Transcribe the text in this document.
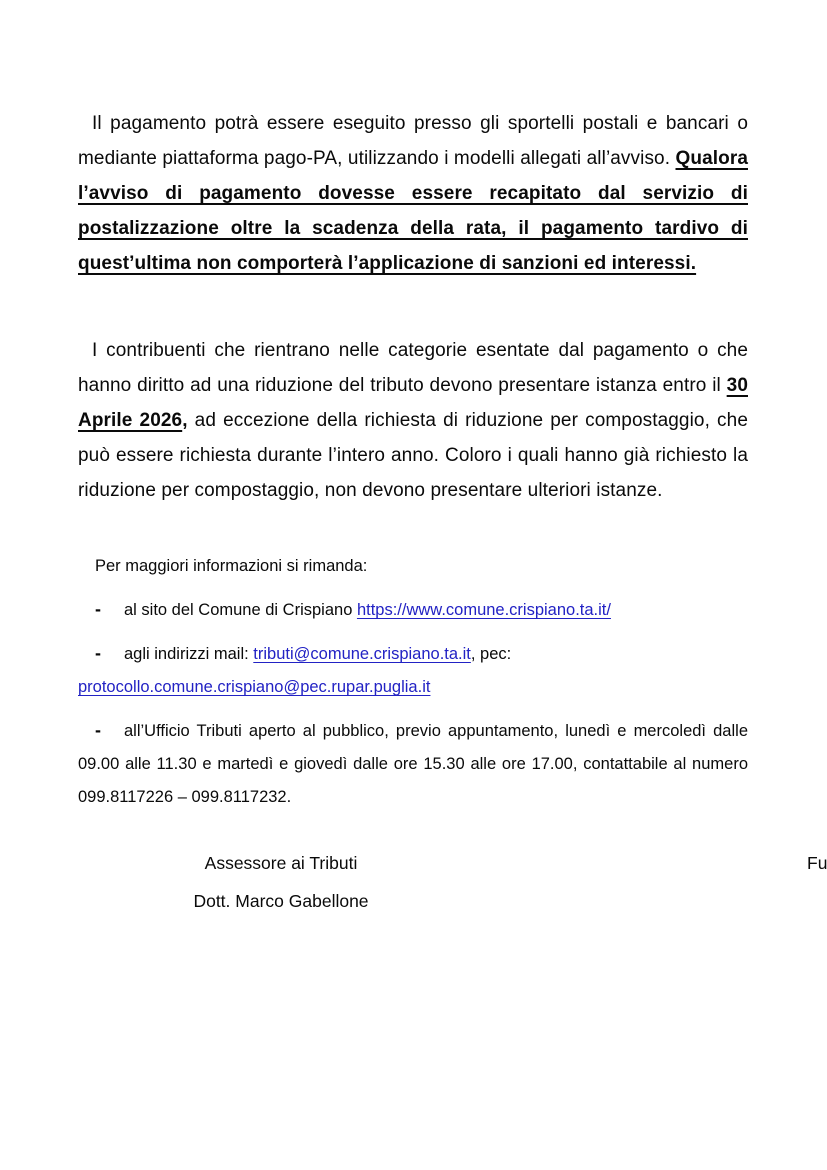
Il pagamento potrà essere eseguito presso gli sportelli postali e bancari o mediante piattaforma pago-PA, utilizzando i modelli allegati all’avviso. Qualora l’avviso di pagamento dovesse essere recapitato dal servizio di postalizzazione oltre la scadenza della rata, il pagamento tardivo di quest’ultima non comporterà l’applicazione di sanzioni ed interessi.

I contribuenti che rientrano nelle categorie esentate dal pagamento o che hanno diritto ad una riduzione del tributo devono presentare istanza entro il 30 Aprile 2026, ad eccezione della richiesta di riduzione per compostaggio, che può essere richiesta durante l’intero anno. Coloro i quali hanno già richiesto la riduzione per compostaggio, non devono presentare ulteriori istanze.

Per maggiori informazioni si rimanda:

- al sito del Comune di Crispiano https://www.comune.crispiano.ta.it/
- agli indirizzi mail: tributi@comune.crispiano.ta.it, pec: protocollo.comune.crispiano@pec.rupar.puglia.it
- all’Ufficio Tributi aperto al pubblico, previo appuntamento, lunedì e mercoledì dalle 09.00 alle 11.30 e martedì e giovedì dalle ore 15.30 alle ore 17.00, contattabile al numero 099.8117226 – 099.8117232.
Assessore ai Tributi
Dott. Marco Gabellone
Fu
